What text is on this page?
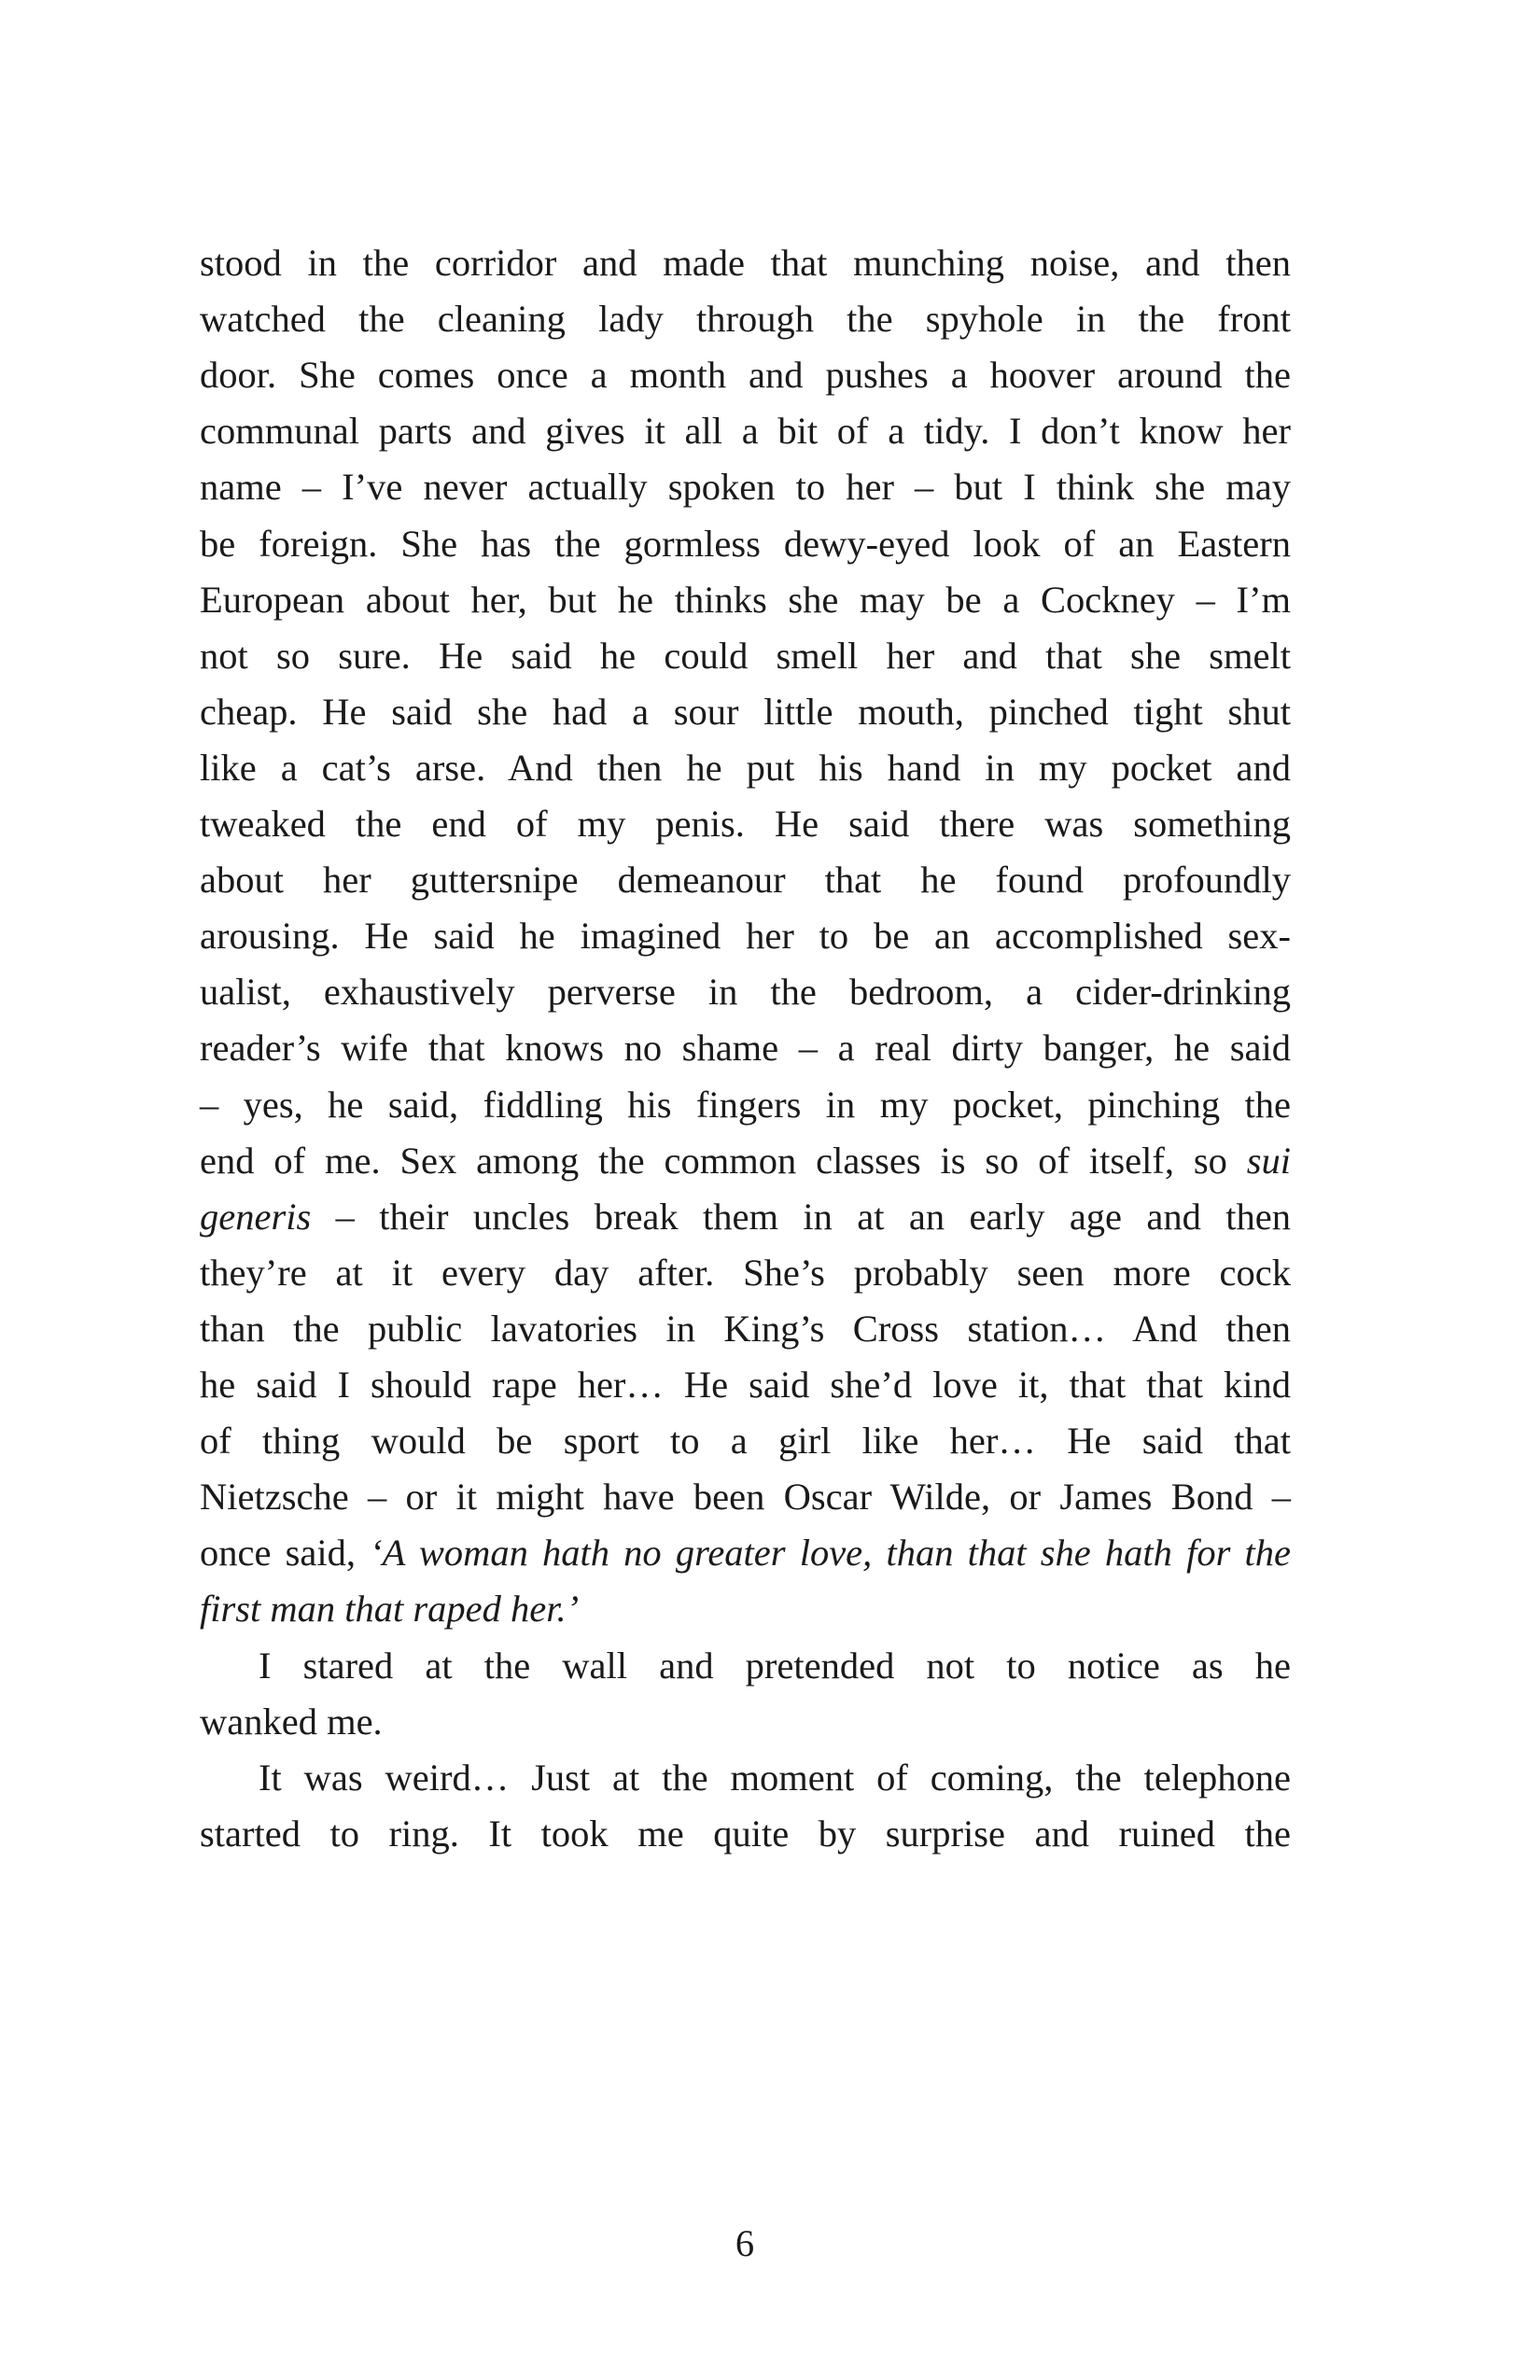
stood in the corridor and made that munching noise, and then
watched the cleaning lady through the spyhole in the front
door. She comes once a month and pushes a hoover around the
communal parts and gives it all a bit of a tidy. I don’t know her
name – I’ve never actually spoken to her – but I think she may
be foreign. She has the gormless dewy-eyed look of an Eastern
European about her, but he thinks she may be a Cockney – I’m
not so sure. He said he could smell her and that she smelt
cheap. He said she had a sour little mouth, pinched tight shut
like a cat’s arse. And then he put his hand in my pocket and
tweaked the end of my penis. He said there was something
about her guttersnipe demeanour that he found profoundly
arousing. He said he imagined her to be an accomplished sex-
ualist, exhaustively perverse in the bedroom, a cider-drinking
reader’s wife that knows no shame – a real dirty banger, he said
– yes, he said, fiddling his fingers in my pocket, pinching the
end of me. Sex among the common classes is so of itself, so sui
generis – their uncles break them in at an early age and then
they’re at it every day after. She’s probably seen more cock
than the public lavatories in King’s Cross station… And then
he said I should rape her… He said she’d love it, that that kind
of thing would be sport to a girl like her… He said that
Nietzsche – or it might have been Oscar Wilde, or James Bond –
once said, ‘A woman hath no greater love, than that she hath for the
first man that raped her.’
I stared at the wall and pretended not to notice as he
wanked me.
It was weird… Just at the moment of coming, the telephone
started to ring. It took me quite by surprise and ruined the
6
